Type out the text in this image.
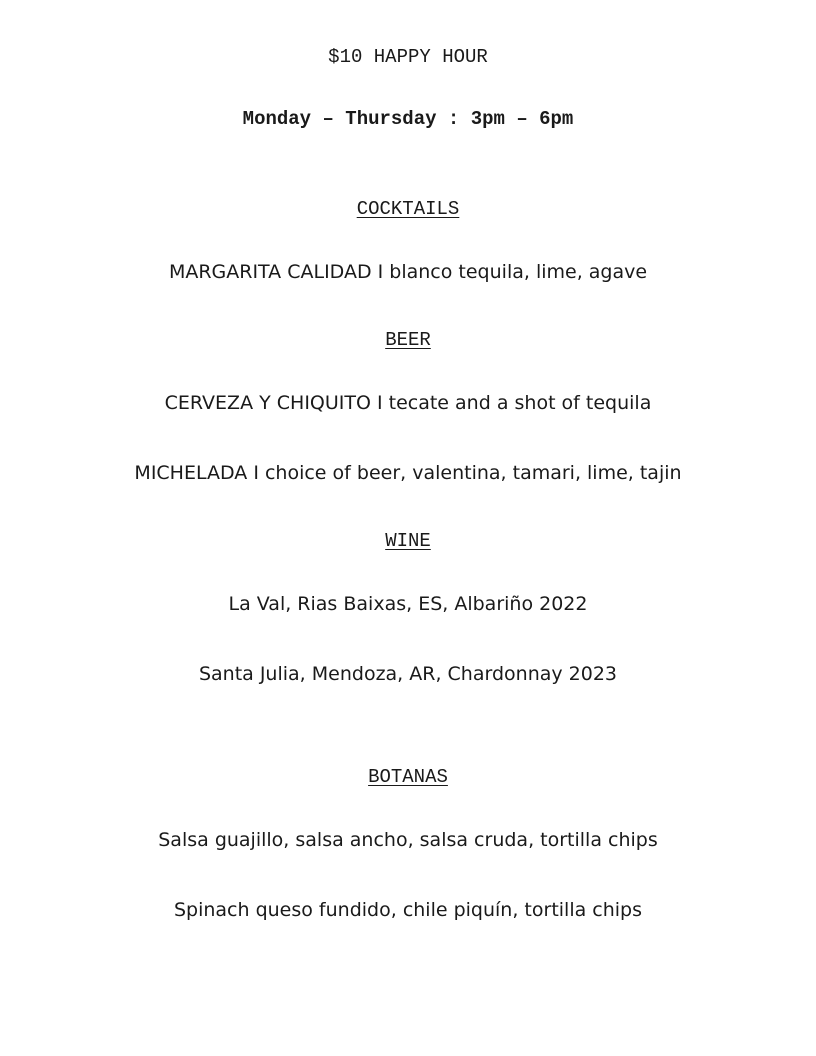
$10 HAPPY HOUR
Monday – Thursday : 3pm – 6pm
COCKTAILS
MARGARITA CALIDAD I blanco tequila, lime, agave
BEER
CERVEZA Y CHIQUITO I tecate and a shot of tequila
MICHELADA I choice of beer, valentina, tamari, lime, tajin
WINE
La Val, Rias Baixas, ES, Albariño 2022
Santa Julia, Mendoza, AR, Chardonnay 2023
BOTANAS
Salsa guajillo, salsa ancho, salsa cruda, tortilla chips
Spinach queso fundido, chile piquín, tortilla chips
